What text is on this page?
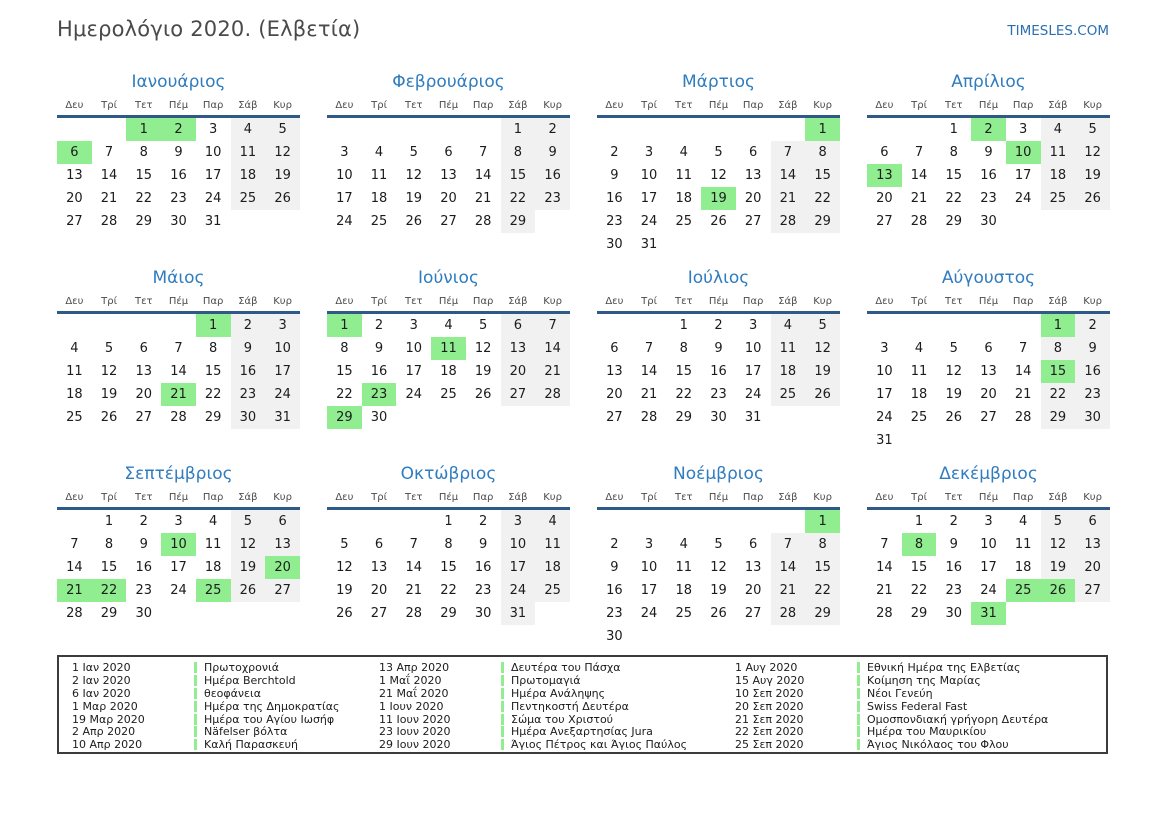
Ημερολόγιο 2020. (Ελβετία)	TIMESLES.COM
Ιανουάριος
Δευ	Τρί	Τετ	Πέμ	Παρ	Σάβ	Κυρ
		1	2	3	4	5
6	7	8	9	10	11	12
13	14	15	16	17	18	19
20	21	22	23	24	25	26
27	28	29	30	31		
Φεβρουάριος
Δευ	Τρί	Τετ	Πέμ	Παρ	Σάβ	Κυρ
					1	2
3	4	5	6	7	8	9
10	11	12	13	14	15	16
17	18	19	20	21	22	23
24	25	26	27	28	29	
Μάρτιος
Δευ	Τρί	Τετ	Πέμ	Παρ	Σάβ	Κυρ
						1
2	3	4	5	6	7	8
9	10	11	12	13	14	15
16	17	18	19	20	21	22
23	24	25	26	27	28	29
30	31					
Απρίλιος
Δευ	Τρί	Τετ	Πέμ	Παρ	Σάβ	Κυρ
		1	2	3	4	5
6	7	8	9	10	11	12
13	14	15	16	17	18	19
20	21	22	23	24	25	26
27	28	29	30			
Μάιος
Δευ	Τρί	Τετ	Πέμ	Παρ	Σάβ	Κυρ
				1	2	3
4	5	6	7	8	9	10
11	12	13	14	15	16	17
18	19	20	21	22	23	24
25	26	27	28	29	30	31
Ιούνιος
Δευ	Τρί	Τετ	Πέμ	Παρ	Σάβ	Κυρ
1	2	3	4	5	6	7
8	9	10	11	12	13	14
15	16	17	18	19	20	21
22	23	24	25	26	27	28
29	30					
Ιούλιος
Δευ	Τρί	Τετ	Πέμ	Παρ	Σάβ	Κυρ
		1	2	3	4	5
6	7	8	9	10	11	12
13	14	15	16	17	18	19
20	21	22	23	24	25	26
27	28	29	30	31		
Αύγουστος
Δευ	Τρί	Τετ	Πέμ	Παρ	Σάβ	Κυρ
					1	2
3	4	5	6	7	8	9
10	11	12	13	14	15	16
17	18	19	20	21	22	23
24	25	26	27	28	29	30
31						
Σεπτέμβριος
Δευ	Τρί	Τετ	Πέμ	Παρ	Σάβ	Κυρ
	1	2	3	4	5	6
7	8	9	10	11	12	13
14	15	16	17	18	19	20
21	22	23	24	25	26	27
28	29	30				
Οκτώβριος
Δευ	Τρί	Τετ	Πέμ	Παρ	Σάβ	Κυρ
			1	2	3	4
5	6	7	8	9	10	11
12	13	14	15	16	17	18
19	20	21	22	23	24	25
26	27	28	29	30	31	
Νοέμβριος
Δευ	Τρί	Τετ	Πέμ	Παρ	Σάβ	Κυρ
						1
2	3	4	5	6	7	8
9	10	11	12	13	14	15
16	17	18	19	20	21	22
23	24	25	26	27	28	29
30						
Δεκέμβριος
Δευ	Τρί	Τετ	Πέμ	Παρ	Σάβ	Κυρ
	1	2	3	4	5	6
7	8	9	10	11	12	13
14	15	16	17	18	19	20
21	22	23	24	25	26	27
28	29	30	31			
1 Ιαν 2020	Πρωτοχρονιά
2 Ιαν 2020	Ημέρα Berchtold
6 Ιαν 2020	θεοφάνεια
1 Μαρ 2020	Ημέρα της Δημοκρατίας
19 Μαρ 2020	Ημέρα του Αγίου Ιωσήφ
2 Απρ 2020	Näfelser βόλτα
10 Απρ 2020	Καλή Παρασκευή
13 Απρ 2020	Δευτέρα του Πάσχα
1 Μαΐ 2020	Πρωτομαγιά
21 Μαΐ 2020	Ημέρα Ανάληψης
1 Ιουν 2020	Πεντηκοστή Δευτέρα
11 Ιουν 2020	Σώμα του Χριστού
23 Ιουν 2020	Ημέρα Ανεξαρτησίας Jura
29 Ιουν 2020	Άγιος Πέτρος και Άγιος Παύλος
1 Αυγ 2020	Εθνική Ημέρα της Ελβετίας
15 Αυγ 2020	Κοίμηση της Μαρίας
10 Σεπ 2020	Νέοι Γενεύη
20 Σεπ 2020	Swiss Federal Fast
21 Σεπ 2020	Ομοσπονδιακή γρήγορη Δευτέρα
22 Σεπ 2020	Ημέρα του Μαυρικίου
25 Σεπ 2020	Άγιος Νικόλαος του Φλου
